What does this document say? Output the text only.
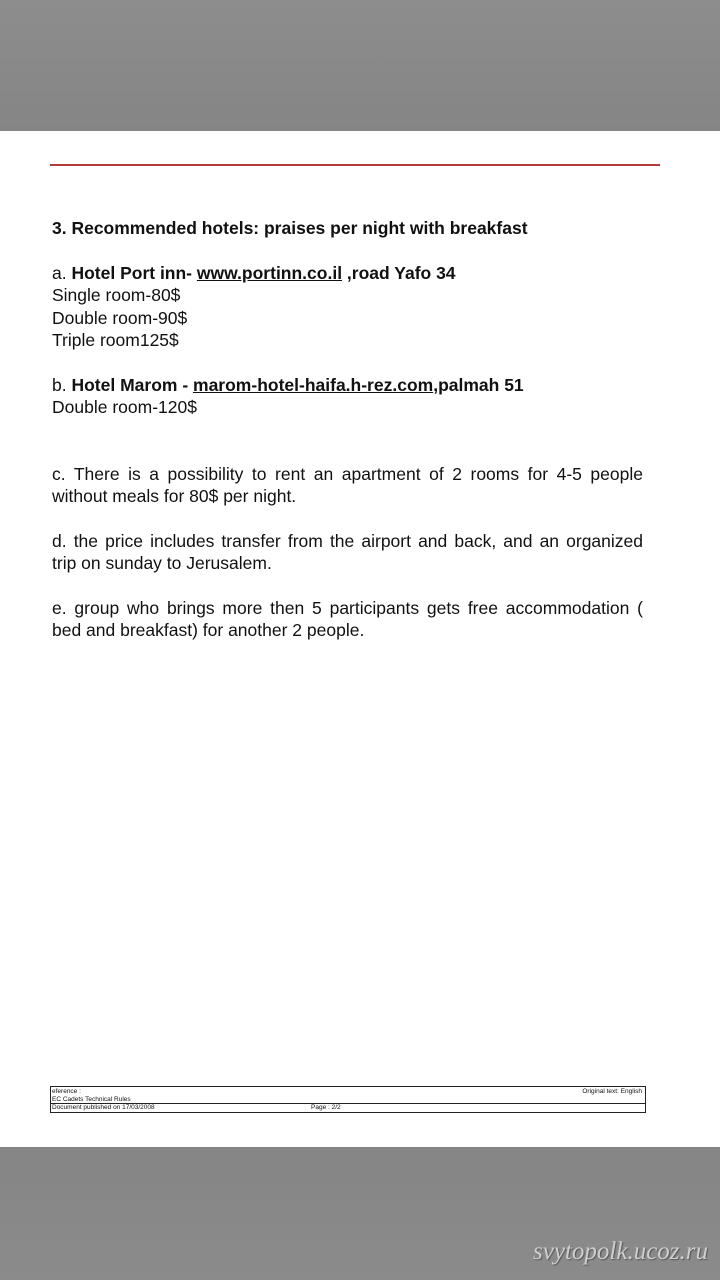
3. Recommended hotels: praises per night with breakfast

a. Hotel Port inn- www.portinn.co.il ,road Yafo 34

Single room-80$

Double room-90$

Triple room125$

b. Hotel Marom - marom-hotel-haifa.h-rez.com,palmah 51

Double room-120$

c. There is a possibility to rent an apartment of 2 rooms for 4-5 people without meals for 80$ per night.

d. the price includes transfer from the airport and back, and an organized trip on sunday to Jerusalem.

e. group who brings more then 5 participants gets free accommodation ( bed and breakfast) for another 2 people.

eference :
EC Cadets Technical Rules
Original text: English
Document published on 17/03/2008	Page : 2/2
svytopolk.ucoz.ru
